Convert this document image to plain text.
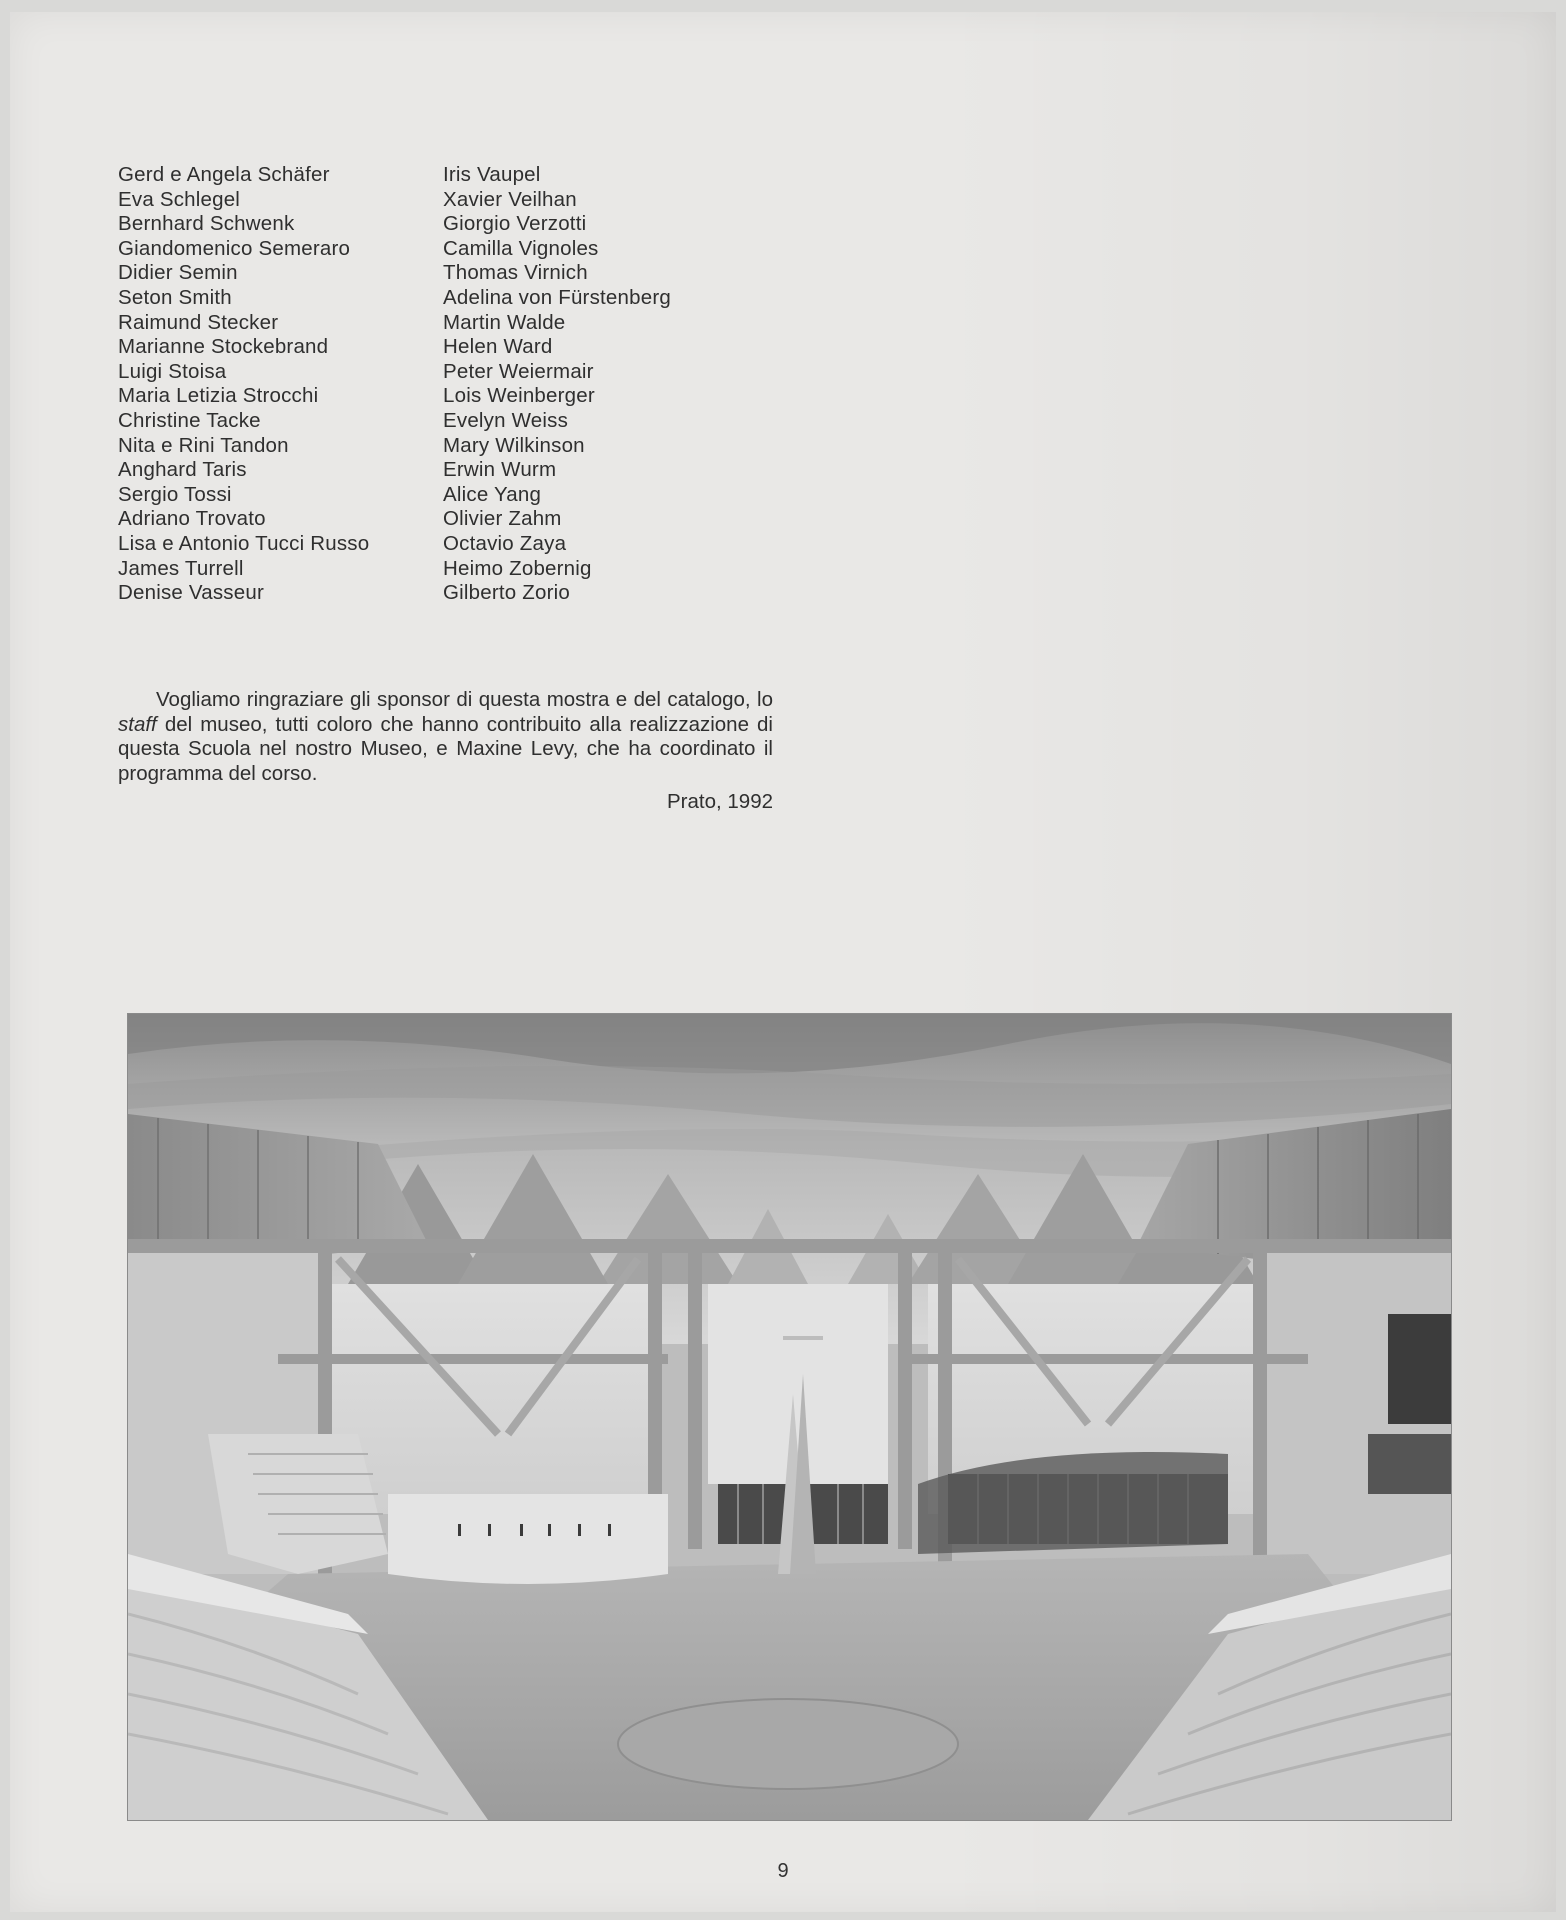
Gerd e Angela Schäfer
Eva Schlegel
Bernhard Schwenk
Giandomenico Semeraro
Didier Semin
Seton Smith
Raimund Stecker
Marianne Stockebrand
Luigi Stoisa
Maria Letizia Strocchi
Christine Tacke
Nita e Rini Tandon
Anghard Taris
Sergio Tossi
Adriano Trovato
Lisa e Antonio Tucci Russo
James Turrell
Denise Vasseur
Iris Vaupel
Xavier Veilhan
Giorgio Verzotti
Camilla Vignoles
Thomas Virnich
Adelina von Fürstenberg
Martin Walde
Helen Ward
Peter Weiermair
Lois Weinberger
Evelyn Weiss
Mary Wilkinson
Erwin Wurm
Alice Yang
Olivier Zahm
Octavio Zaya
Heimo Zobernig
Gilberto Zorio

Vogliamo ringraziare gli sponsor di questa mostra e del catalogo, lo staff del museo, tutti coloro che hanno contribuito alla realizzazione di questa Scuola nel nostro Museo, e Maxine Levy, che ha coordinato il programma del corso.

Prato, 1992
9
